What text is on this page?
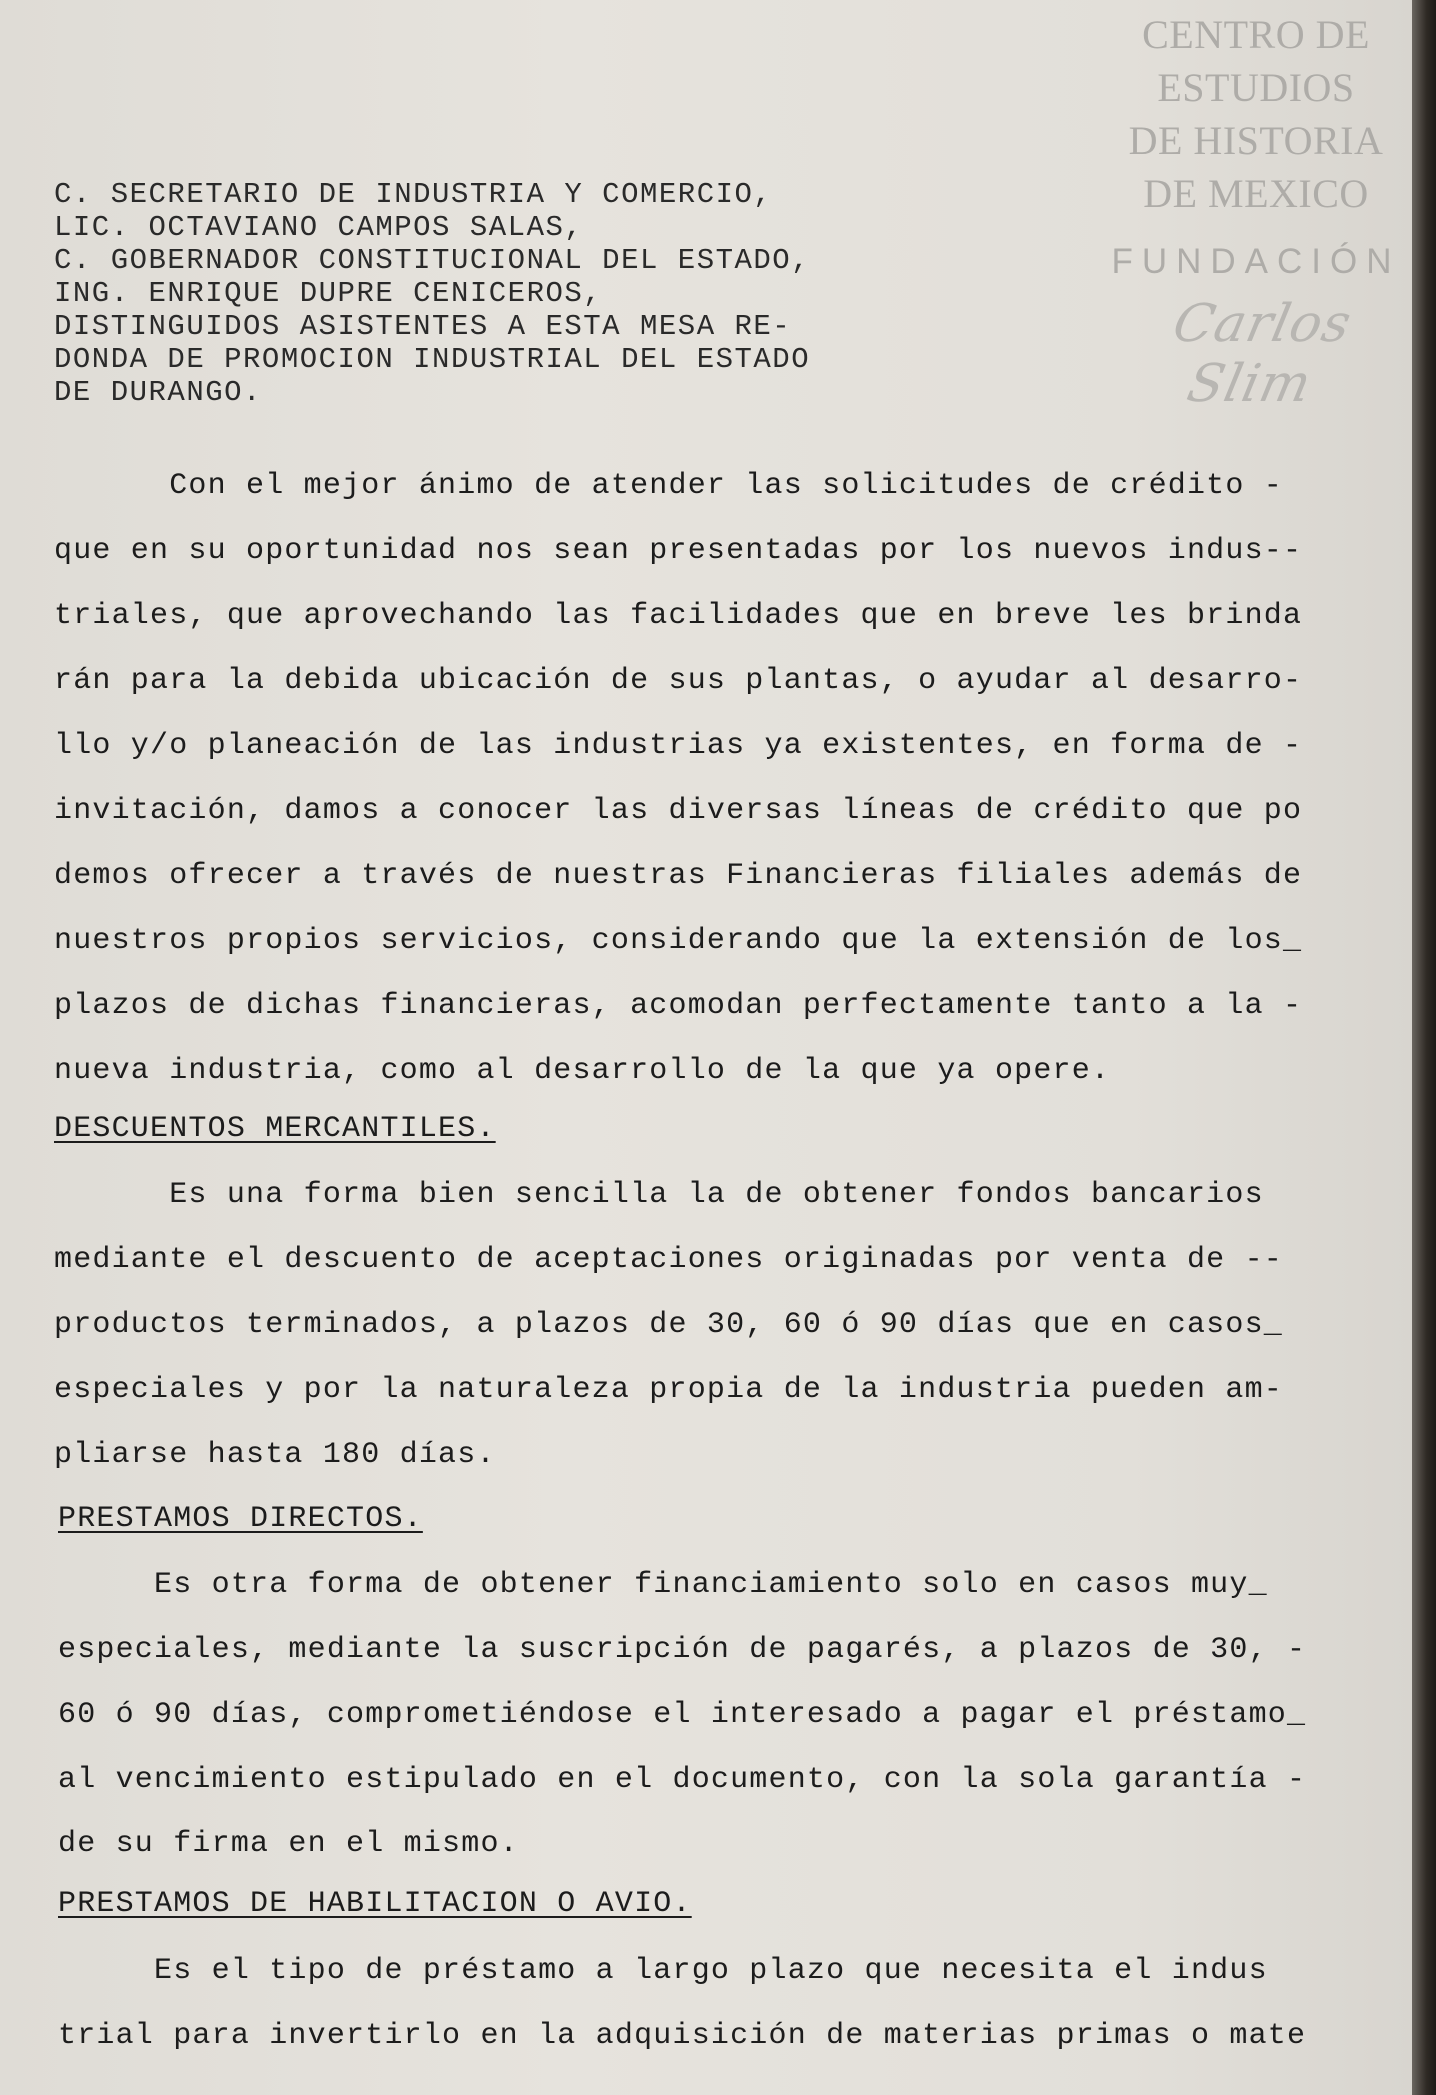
CENTRO DE
ESTUDIOS
DE HISTORIA
DE MEXICO
FUNDACIÓN
Carlos Slim

C. SECRETARIO DE INDUSTRIA Y COMERCIO,

LIC. OCTAVIANO CAMPOS SALAS,

C. GOBERNADOR CONSTITUCIONAL DEL ESTADO,

ING. ENRIQUE DUPRE CENICEROS,

DISTINGUIDOS ASISTENTES A ESTA MESA RE-

DONDA DE PROMOCION INDUSTRIAL DEL ESTADO

DE DURANGO.

Con el mejor ánimo de atender las solicitudes de crédito -

que en su oportunidad nos sean presentadas por los nuevos indus--

triales, que aprovechando las facilidades que en breve les brinda

rán para la debida ubicación de sus plantas, o ayudar al desarro-

llo y/o planeación de las industrias ya existentes, en forma de -

invitación, damos a conocer las diversas líneas de crédito que po

demos ofrecer a través de nuestras Financieras filiales además de

nuestros propios servicios, considerando que la extensión de los_

plazos de dichas financieras, acomodan perfectamente tanto a la -

nueva industria, como al desarrollo de la que ya opere.

DESCUENTOS MERCANTILES.

Es una forma bien sencilla la de obtener fondos bancarios

mediante el descuento de aceptaciones originadas por venta de --

productos terminados, a plazos de 30, 60 ó 90 días que en casos_

especiales y por la naturaleza propia de la industria pueden am-

pliarse hasta 180 días.

PRESTAMOS DIRECTOS.

Es otra forma de obtener financiamiento solo en casos muy_

especiales, mediante la suscripción de pagarés, a plazos de 30, -

60 ó 90 días, comprometiéndose el interesado a pagar el préstamo_

al vencimiento estipulado en el documento, con la sola garantía -

de su firma en el mismo.

PRESTAMOS DE HABILITACION O AVIO.

Es el tipo de préstamo a largo plazo que necesita el indus

trial para invertirlo en la adquisición de materias primas o mate
